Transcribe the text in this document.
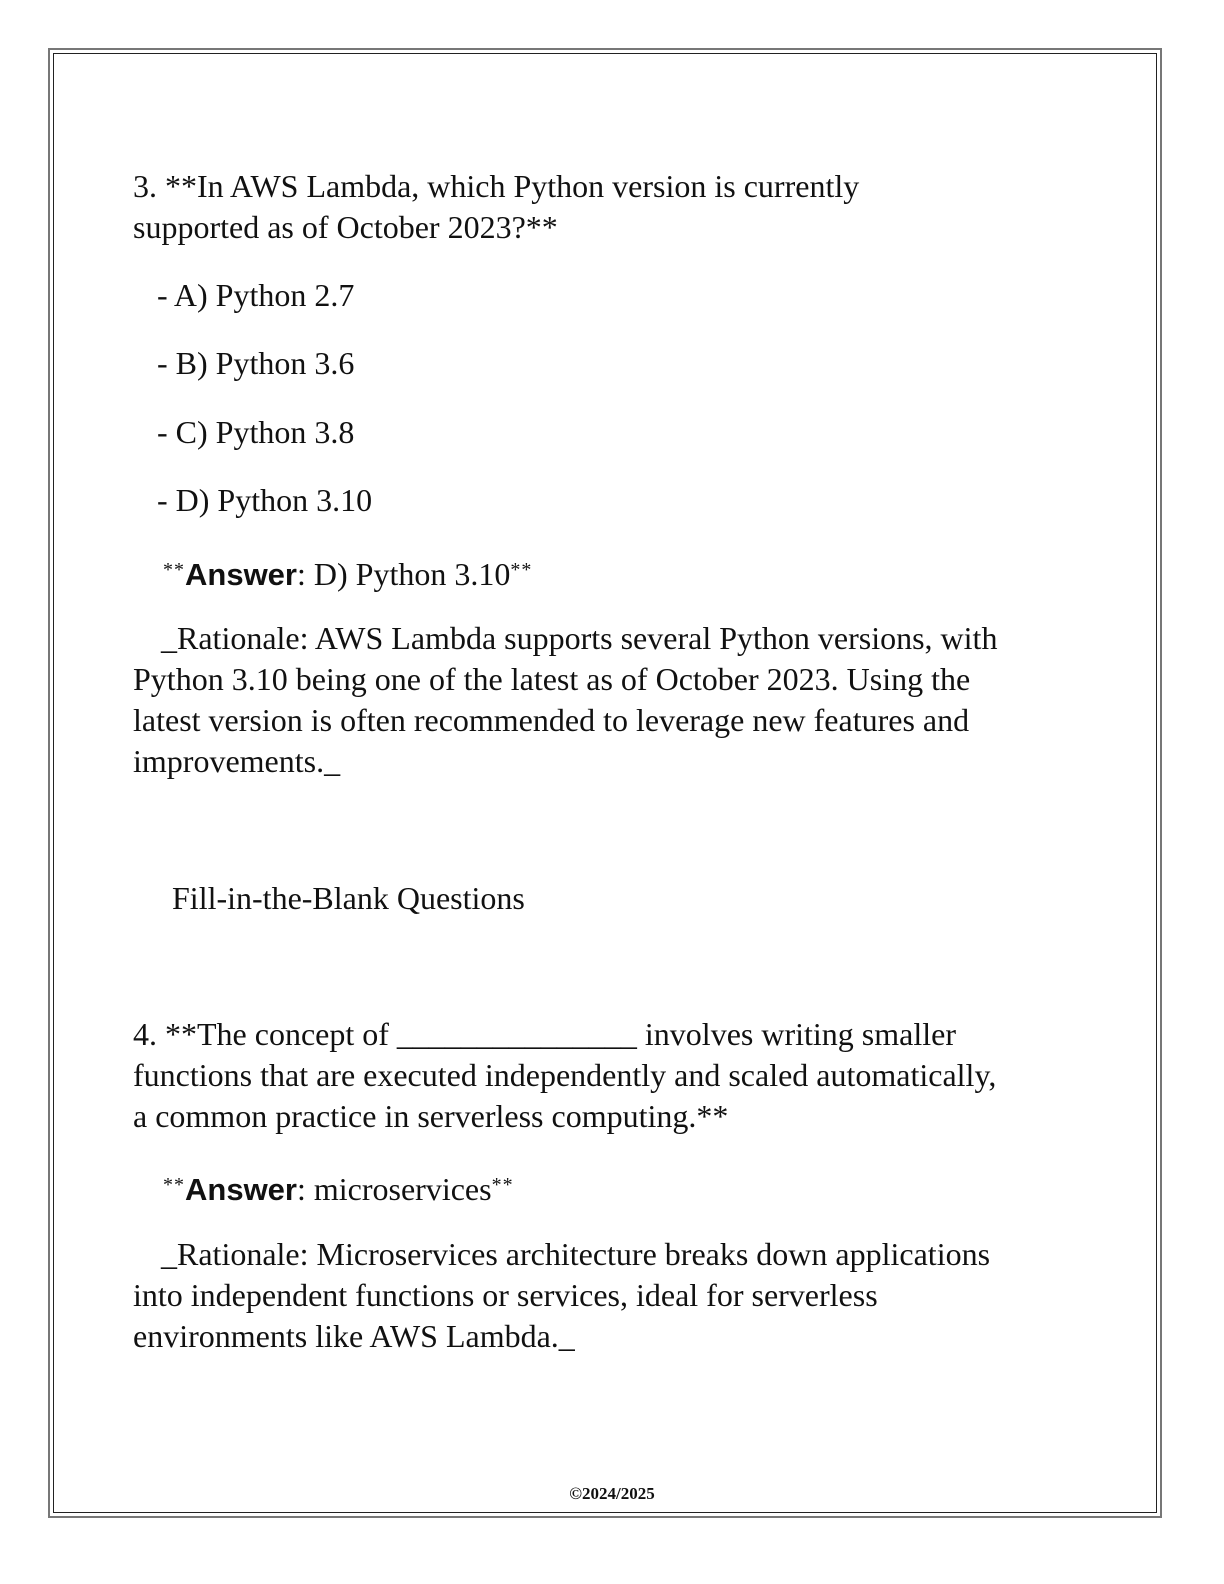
3. **In AWS Lambda, which Python version is currently
supported as of October 2023?**
- A) Python 2.7
- B) Python 3.6
- C) Python 3.8
- D) Python 3.10
**Answer: D) Python 3.10**
_Rationale: AWS Lambda supports several Python versions, with
Python 3.10 being one of the latest as of October 2023. Using the
latest version is often recommended to leverage new features and
improvements._
Fill-in-the-Blank Questions
4. **The concept of _______________ involves writing smaller
functions that are executed independently and scaled automatically,
a common practice in serverless computing.**
**Answer: microservices**
_Rationale: Microservices architecture breaks down applications
into independent functions or services, ideal for serverless
environments like AWS Lambda._
©2024/2025
